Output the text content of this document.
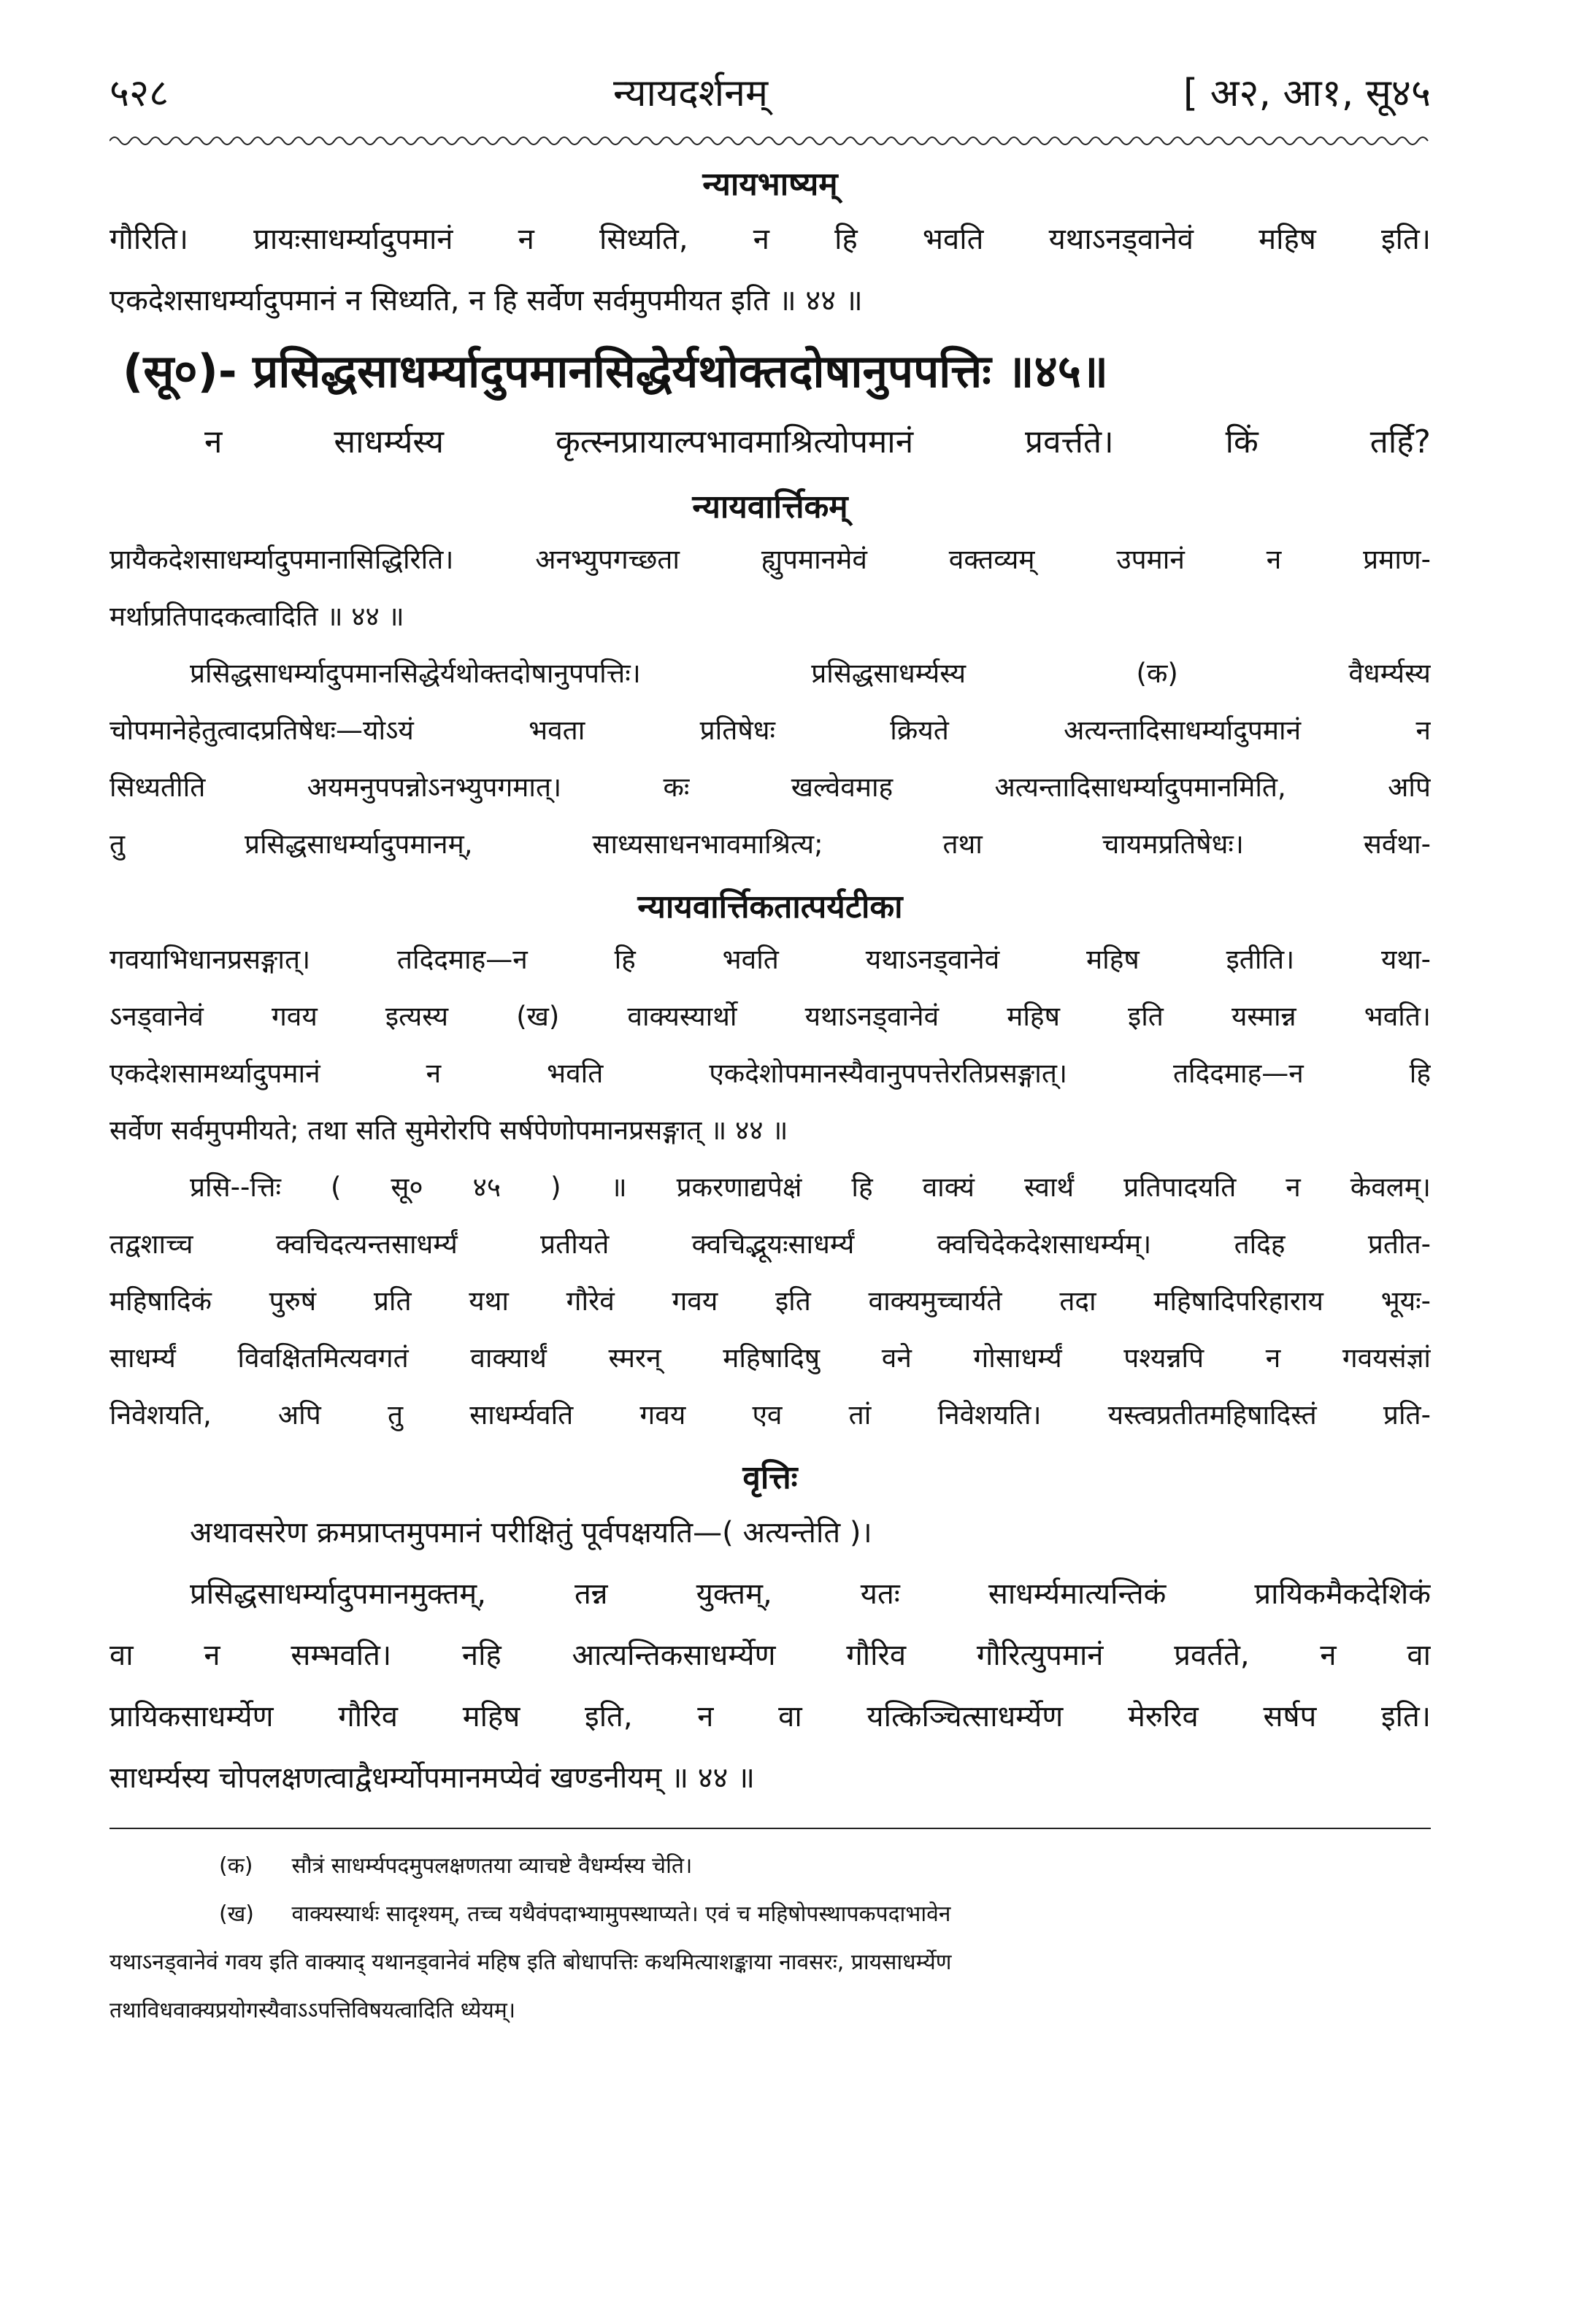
५२८	न्यायदर्शनम्	[ अ२, आ१, सू४५
न्यायभाष्यम्
गौरिति। प्रायःसाधर्म्यादुपमानं न सिध्यति, न हि भवति यथाऽनड्वानेवं महिष इति।
एकदेशसाधर्म्यादुपमानं न सिध्यति, न हि सर्वेण सर्वमुपमीयत इति ॥ ४४ ॥
(सू०)- प्रसिद्धसाधर्म्यादुपमानसिद्धेर्यथोक्तदोषानुपपत्तिः ॥४५॥
न साधर्म्यस्य कृत्स्नप्रायाल्पभावमाश्रित्योपमानं प्रवर्त्तते। किं तर्हि?
न्यायवार्त्तिकम्
प्रायैकदेशसाधर्म्यादुपमानासिद्धिरिति। अनभ्युपगच्छता ह्युपमानमेवं वक्तव्यम् उपमानं न प्रमाण-
मर्थाप्रतिपादकत्वादिति ॥ ४४ ॥
प्रसिद्धसाधर्म्यादुपमानसिद्धेर्यथोक्तदोषानुपपत्तिः। प्रसिद्धसाधर्म्यस्य (क) वैधर्म्यस्य
चोपमानेहेतुत्वादप्रतिषेधः—योऽयं भवता प्रतिषेधः क्रियते अत्यन्तादिसाधर्म्यादुपमानं न
सिध्यतीति अयमनुपपन्नोऽनभ्युपगमात्। कः खल्वेवमाह अत्यन्तादिसाधर्म्यादुपमानमिति, अपि
तु प्रसिद्धसाधर्म्यादुपमानम्, साध्यसाधनभावमाश्रित्य; तथा चायमप्रतिषेधः। सर्वथा-
न्यायवार्त्तिकतात्पर्यटीका
गवयाभिधानप्रसङ्गात्। तदिदमाह—न हि भवति यथाऽनड्वानेवं महिष इतीति। यथा-
ऽनड्वानेवं गवय इत्यस्य (ख) वाक्यस्यार्थो यथाऽनड्वानेवं महिष इति यस्मान्न भवति।
एकदेशसामर्थ्यादुपमानं न भवति एकदेशोपमानस्यैवानुपपत्तेरतिप्रसङ्गात्। तदिदमाह—न हि
सर्वेण सर्वमुपमीयते; तथा सति सुमेरोरपि सर्षपेणोपमानप्रसङ्गात् ॥ ४४ ॥
प्रसि--त्तिः ( सू० ४५ ) ॥ प्रकरणाद्यपेक्षं हि वाक्यं स्वार्थं प्रतिपादयति न केवलम्।
तद्वशाच्च क्वचिदत्यन्तसाधर्म्यं प्रतीयते क्वचिद्भूयःसाधर्म्यं क्वचिदेकदेशसाधर्म्यम्। तदिह प्रतीत-
महिषादिकं पुरुषं प्रति यथा गौरेवं गवय इति वाक्यमुच्चार्यते तदा महिषादिपरिहाराय भूयः-
साधर्म्यं विवक्षितमित्यवगतं वाक्यार्थं स्मरन् महिषादिषु वने गोसाधर्म्यं पश्यन्नपि न गवयसंज्ञां
निवेशयति, अपि तु साधर्म्यवति गवय एव तां निवेशयति। यस्त्वप्रतीतमहिषादिस्तं प्रति-
वृत्तिः
अथावसरेण क्रमप्राप्तमुपमानं परीक्षितुं पूर्वपक्षयति—( अत्यन्तेति )।
प्रसिद्धसाधर्म्यादुपमानमुक्तम्, तन्न युक्तम्, यतः साधर्म्यमात्यन्तिकं प्रायिकमैकदेशिकं
वा न सम्भवति। नहि आत्यन्तिकसाधर्म्येण गौरिव गौरित्युपमानं प्रवर्तते, न वा
प्रायिकसाधर्म्येण गौरिव महिष इति, न वा यत्किञ्चित्साधर्म्येण मेरुरिव सर्षप इति।
साधर्म्यस्य चोपलक्षणत्वाद्वैधर्म्योपमानमप्येवं खण्डनीयम् ॥ ४४ ॥
(क) सौत्रं साधर्म्यपदमुपलक्षणतया व्याचष्टे वैधर्म्यस्य चेति।
(ख) वाक्यस्यार्थः सादृश्यम्, तच्च यथैवंपदाभ्यामुपस्थाप्यते। एवं च महिषोपस्थापकपदाभावेन
यथाऽनड्वानेवं गवय इति वाक्याद् यथानड्वानेवं महिष इति बोधापत्तिः कथमित्याशङ्काया नावसरः, प्रायसाधर्म्येण
तथाविधवाक्यप्रयोगस्यैवाऽऽपत्तिविषयत्वादिति ध्येयम्।
